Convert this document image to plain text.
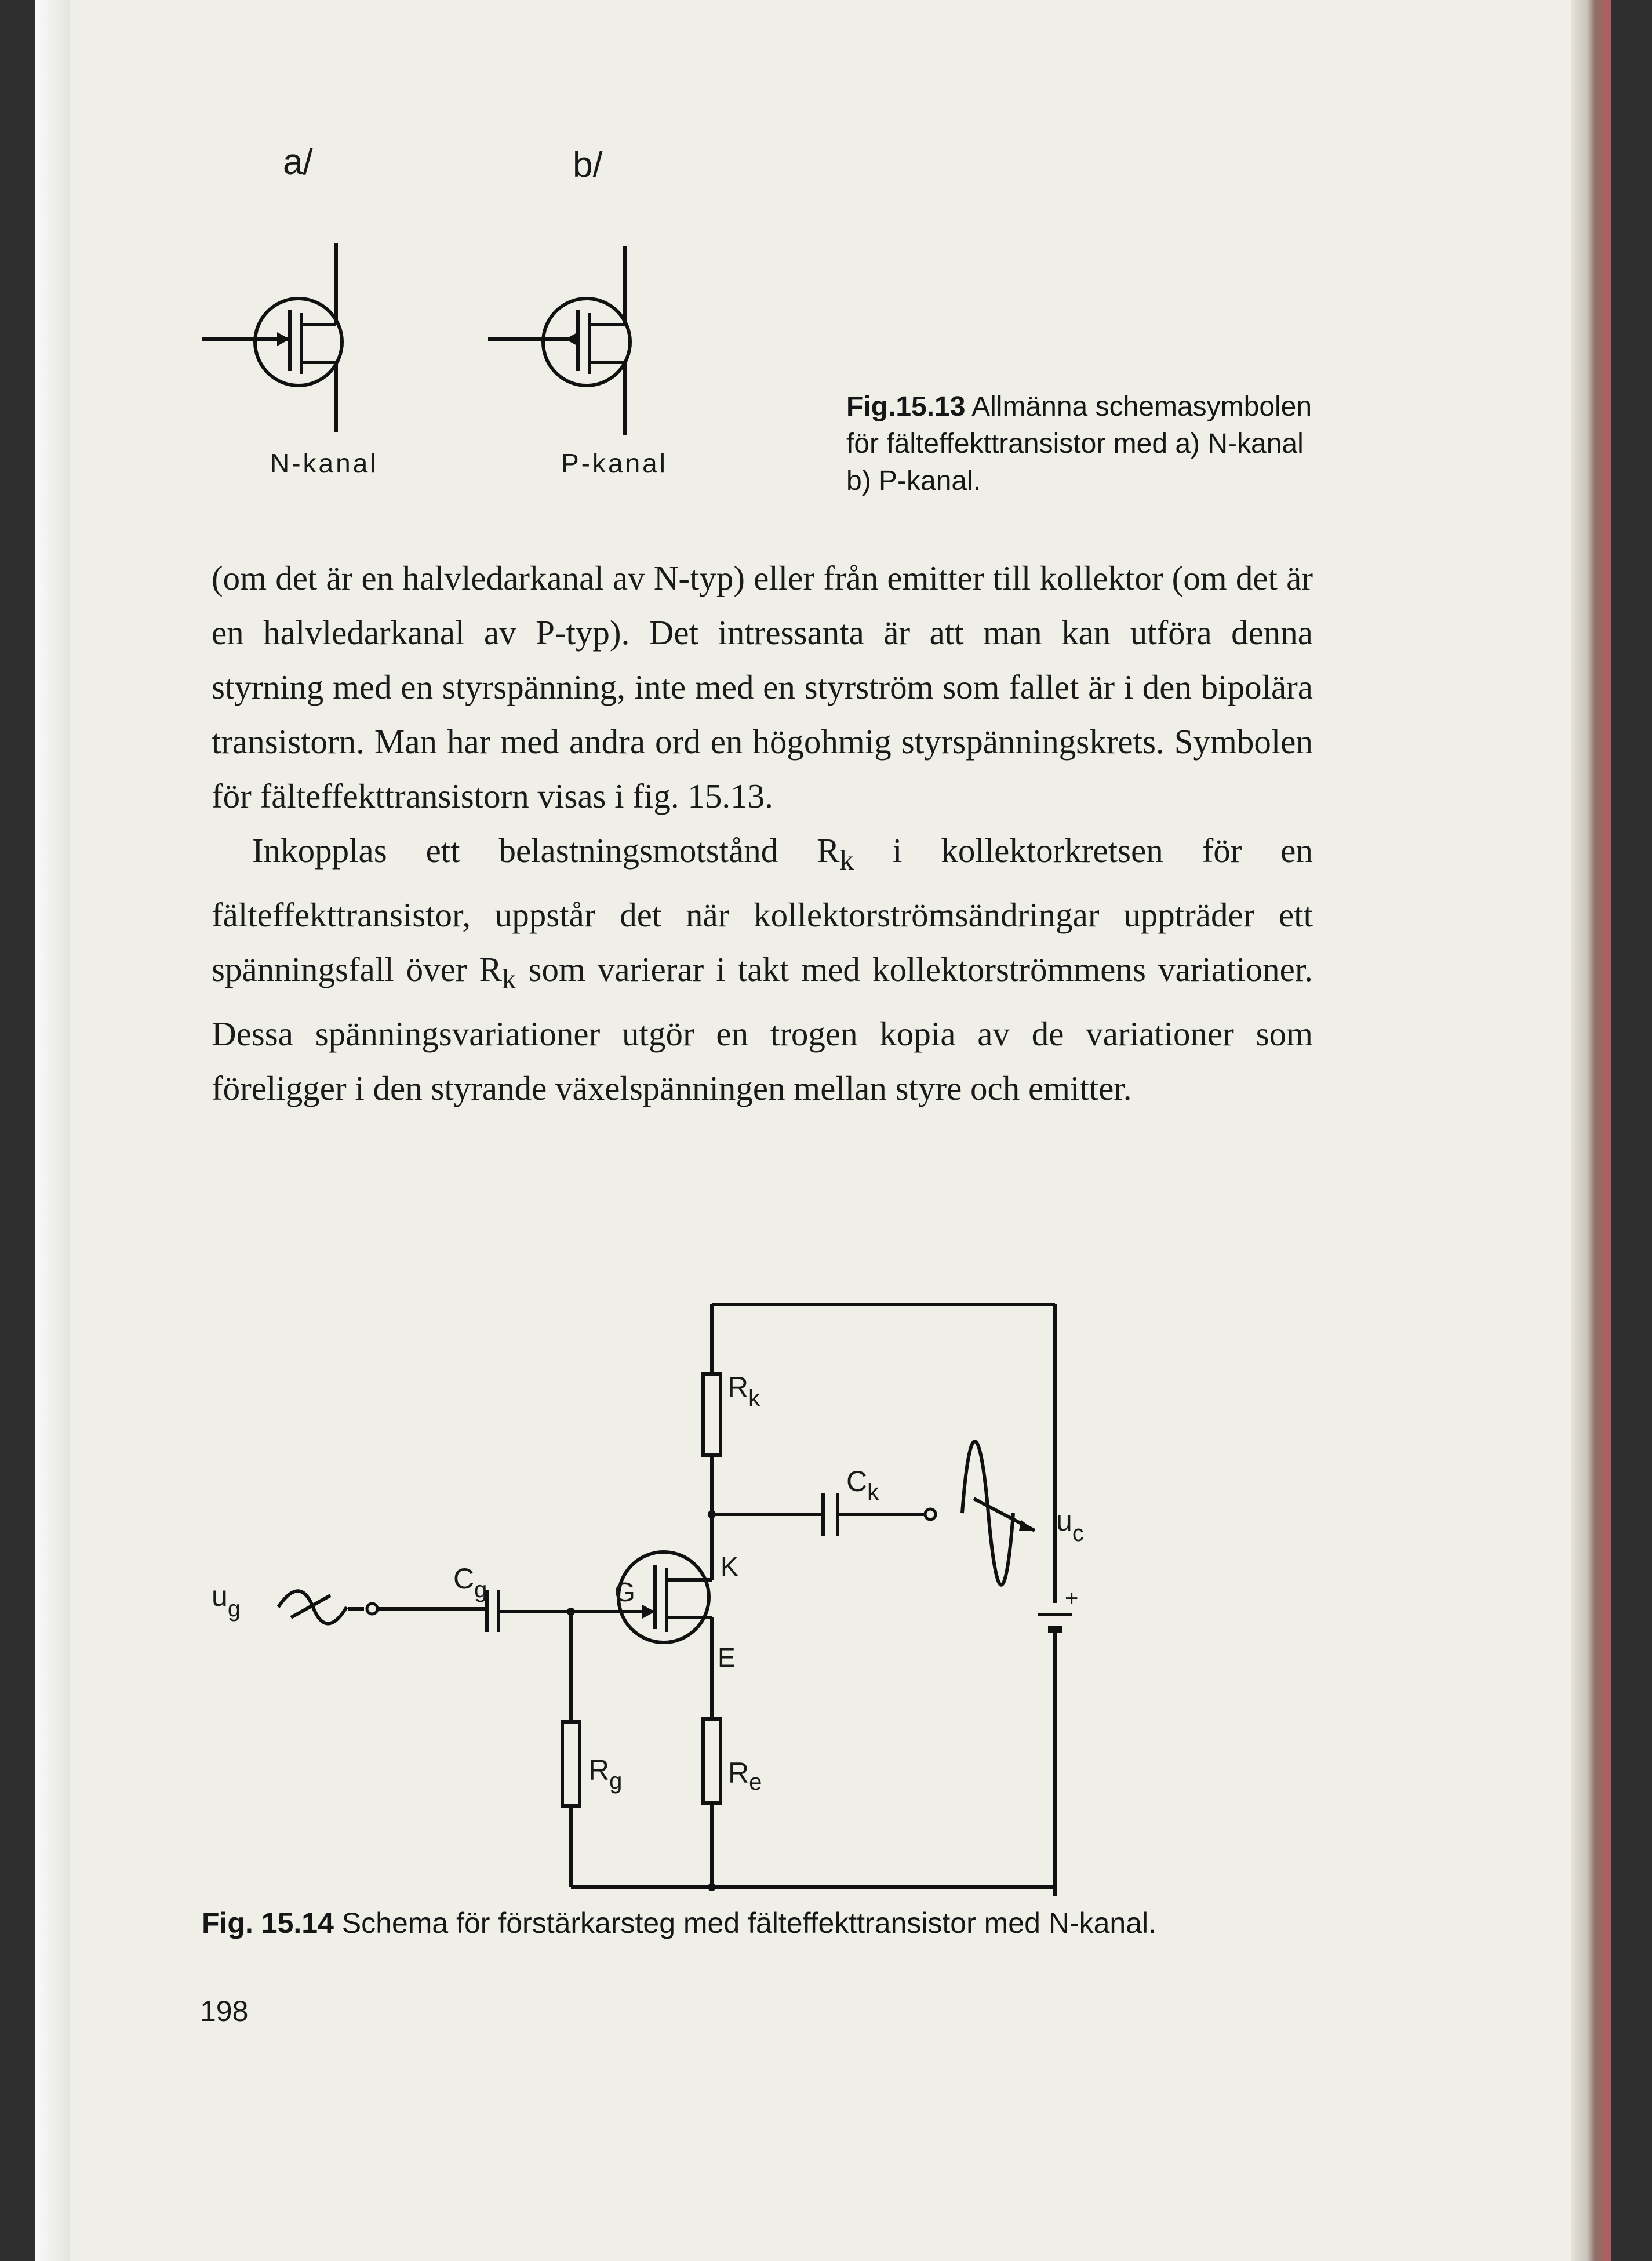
a/	b/
N-kanal	P-kanal
Fig.15.13 Allmänna schemasymbolen för fälteffekttransistor med a) N-kanal b) P-kanal.

(om det är en halvledarkanal av N-typ) eller från emitter till kollektor (om det är en halvledarkanal av P-typ). Det intressanta är att man kan utföra denna styrning med en styrspänning, inte med en styrström som fallet är i den bipolära transistorn. Man har med andra ord en högohmig styrspänningskrets. Symbolen för fälteffekttransistorn visas i fig. 15.13.

Inkopplas ett belastningsmotstånd $R_k$ i kollektorkretsen för en fälteffekttransistor, uppstår det när kollektorströmsändringar uppträder ett spänningsfall över $R_k$ som varierar i takt med kollektorströmmens variationer. Dessa spänningsvariationer utgör en trogen kopia av de variationer som föreligger i den styrande växelspänningen mellan styre och emitter.

$u_g$
$C_g$	G
K
E
$R_k$
$C_k$
$u_c$
+
$R_g$	$R_e$
Fig. 15.14 Schema för förstärkarsteg med fälteffekttransistor med N-kanal.
198
